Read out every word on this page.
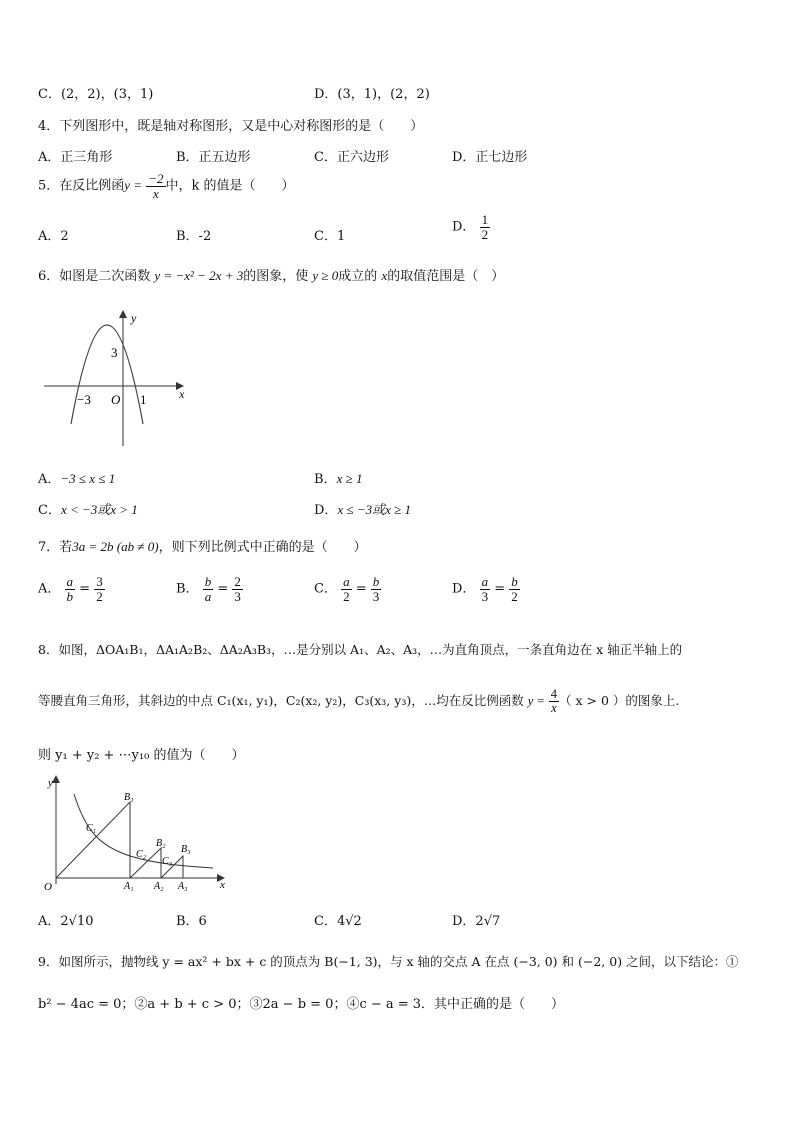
C．(2，2)，(3，1)	D．(3，1)，(2，2)
4．下列图形中，既是轴对称图形，又是中心对称图形的是（　　）
A．正三角形	B．正五边形	C．正六边形	D．正七边形
5．在反比例函$y = \frac{-2}{x}$ 中，k 的值是（　　）
A．2	B．-2	C．1
D． $\frac{1}{2}$
6．如图是二次函数 y = −x² − 2x + 3的图象，使 y ≥ 0成立的 x的取值范围是（　）
y
x
3
−3 O 1
A．−3 ≤ x ≤ 1	B．x ≥ 1
C．x < −3或x > 1	D．x ≤ −3或x ≥ 1
7．若3a = 2b (ab ≠ 0)，则下列比例式中正确的是（　　）
A． $\frac{a}{b} = \frac{3}{2}$	B． $\frac{b}{a} = \frac{2}{3}$	C． $\frac{a}{2} = \frac{b}{3}$	D． $\frac{a}{3} = \frac{b}{2}$
8．如图，ΔOA₁B₁，ΔA₁A₂B₂、ΔA₂A₃B₃，…是分别以 A₁、A₂、A₃，…为直角顶点，一条直角边在 x 轴正半轴上的
等腰直角三角形，其斜边的中点 C₁(x₁, y₁)，C₂(x₂, y₂)，C₃(x₃, y₃)，…均在反比例函数 $y = \frac{4}{x}$ （ x > 0 ）的图象上.
则 y₁ + y₂ + ⋯y₁₀ 的值为（　　）
y
x
O
B₁
B₂
B₃
C₁
C₂
C₃
A₁ A₂ A₃
A．2√10	B．6	C．4√2	D．2√7
9．如图所示，抛物线 y = ax² + bx + c 的顶点为 B(−1, 3)，与 x 轴的交点 A 在点 (−3, 0) 和 (−2, 0) 之间，以下结论：①
b² − 4ac = 0；②a + b + c > 0；③2a − b = 0；④c − a = 3．其中正确的是（　　）
